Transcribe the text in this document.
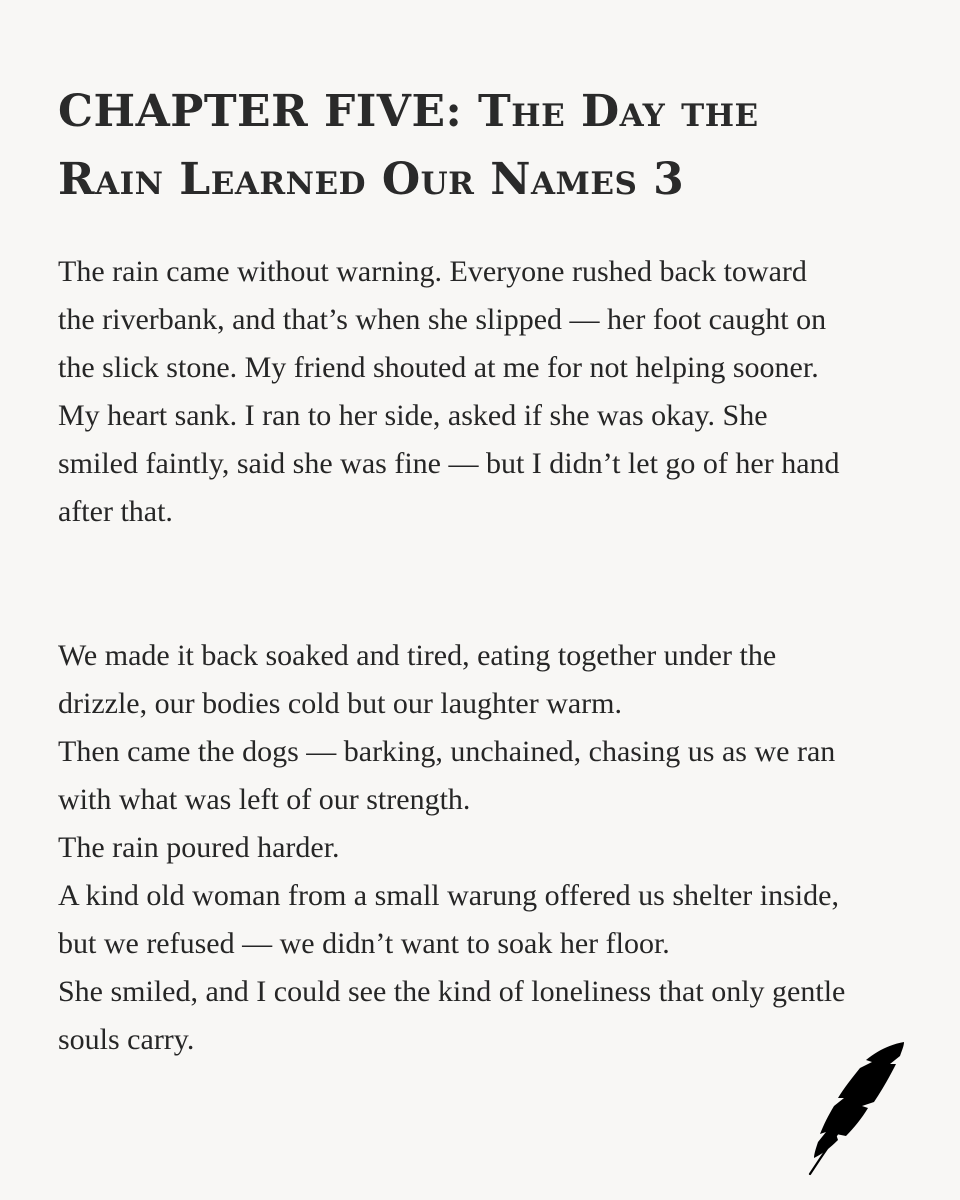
CHAPTER FIVE: The Day the Rain Learned Our Names 3

The rain came without warning. Everyone rushed back toward the riverbank, and that’s when she slipped — her foot caught on the slick stone. My friend shouted at me for not helping sooner. My heart sank. I ran to her side, asked if she was okay. She smiled faintly, said she was fine — but I didn’t let go of her hand after that.

We made it back soaked and tired, eating together under the drizzle, our bodies cold but our laughter warm.
Then came the dogs — barking, unchained, chasing us as we ran with what was left of our strength.
The rain poured harder.
A kind old woman from a small warung offered us shelter inside, but we refused — we didn’t want to soak her floor.
She smiled, and I could see the kind of loneliness that only gentle souls carry.
